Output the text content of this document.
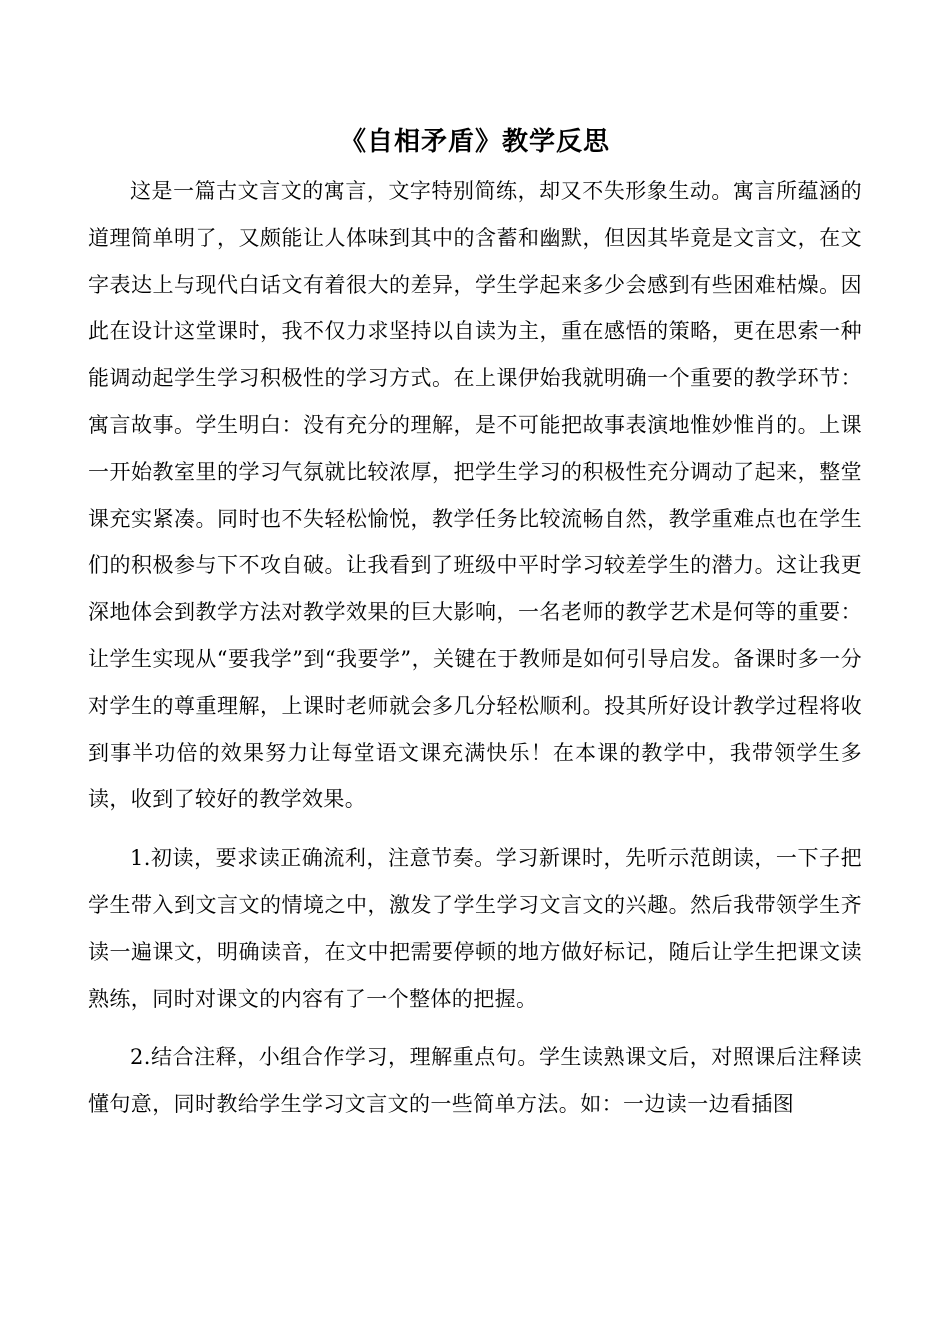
《自相矛盾》教学反思

这是一篇古文言文的寓言，文字特别简练，却又不失形象生动。寓言所蕴涵的道理简单明了，又颇能让人体味到其中的含蓄和幽默，但因其毕竟是文言文，在文字表达上与现代白话文有着很大的差异，学生学起来多少会感到有些困难枯燥。因此在设计这堂课时，我不仅力求坚持以自读为主，重在感悟的策略，更在思索一种能调动起学生学习积极性的学习方式。在上课伊始我就明确一个重要的教学环节：寓言故事。学生明白：没有充分的理解，是不可能把故事表演地惟妙惟肖的。上课一开始教室里的学习气氛就比较浓厚，把学生学习的积极性充分调动了起来，整堂课充实紧凑。同时也不失轻松愉悦，教学任务比较流畅自然，教学重难点也在学生们的积极参与下不攻自破。让我看到了班级中平时学习较差学生的潜力。这让我更深地体会到教学方法对教学效果的巨大影响，一名老师的教学艺术是何等的重要：让学生实现从“要我学”到“我要学”，关键在于教师是如何引导启发。备课时多一分对学生的尊重理解，上课时老师就会多几分轻松顺利。投其所好设计教学过程将收到事半功倍的效果努力让每堂语文课充满快乐！在本课的教学中，我带领学生多读，收到了较好的教学效果。

1.初读，要求读正确流利，注意节奏。学习新课时，先听示范朗读，一下子把学生带入到文言文的情境之中，激发了学生学习文言文的兴趣。然后我带领学生齐读一遍课文，明确读音，在文中把需要停顿的地方做好标记，随后让学生把课文读熟练，同时对课文的内容有了一个整体的把握。

2.结合注释，小组合作学习，理解重点句。学生读熟课文后，对照课后注释读懂句意，同时教给学生学习文言文的一些简单方法。如：一边读一边看插图
